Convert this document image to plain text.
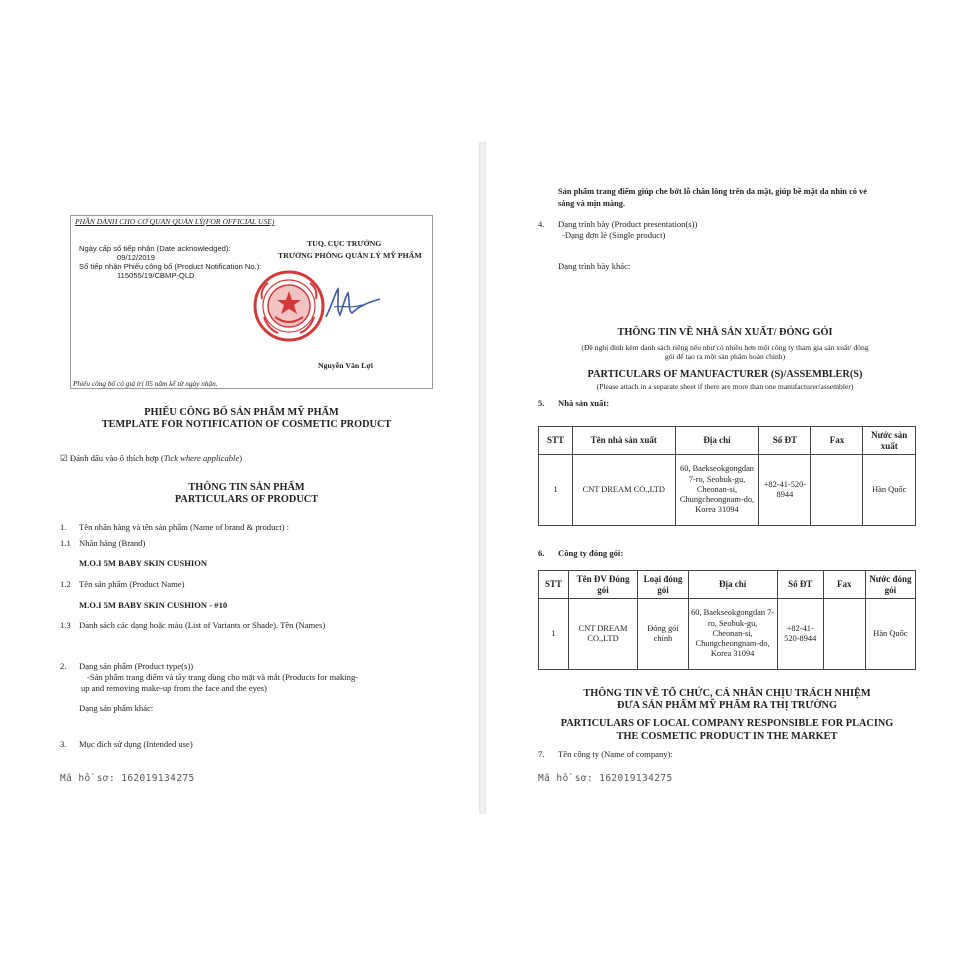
PHẦN DÀNH CHO CƠ QUAN QUẢN LÝ(FOR OFFICIAL USE)
Ngày cấp số tiếp nhận (Date acknowledged):
09/12/2019
Số tiếp nhận Phiếu công bố (Product Notification No.):
115055/19/CBMP-QLD
TUQ. CỤC TRƯỞNG
TRƯỞNG PHÒNG QUẢN LÝ MỸ PHẨM
Nguyễn Văn Lợi
Phiếu công bố có giá trị 05 năm kể từ ngày nhận.
PHIẾU CÔNG BỐ SẢN PHẨM MỸ PHẨM
TEMPLATE FOR NOTIFICATION OF COSMETIC PRODUCT
☑ Đánh dấu vào ô thích hợp (Tick where applicable)
THÔNG TIN SẢN PHẨM
PARTICULARS OF PRODUCT
1. Tên nhãn hàng và tên sản phẩm (Name of brand & product) :
1.1 Nhãn hàng (Brand)
M.O.I 5M BABY SKIN CUSHION
1.2 Tên sản phẩm (Product Name)
M.O.I 5M BABY SKIN CUSHION - #10
1.3 Danh sách các dạng hoặc màu (List of Variants or Shade). Tên (Names)
2. Dạng sản phẩm (Product type(s))
-Sản phẩm trang điểm và tẩy trang dùng cho mặt và mắt (Products for making-
up and removing make-up from the face and the eyes)
Dạng sản phẩm khác:
3. Mục đích sử dụng (Intended use)
Mã hồ sơ: 162019134275
Sản phẩm trang điểm giúp che bớt lỗ chân lông trên da mặt, giúp bề mặt da nhìn có vẻ
sáng và mịn màng.
4. Dạng trình bày (Product presentation(s))
-Dạng đơn lẻ (Single product)
Dạng trình bày khác:
THÔNG TIN VỀ NHÀ SẢN XUẤT/ ĐÓNG GÓI
(Đề nghị đính kèm danh sách riêng nếu như có nhiều hơn một công ty tham gia sản xuất/ đóng
gói để tạo ra một sản phẩm hoàn chỉnh)
PARTICULARS OF MANUFACTURER (S)/ASSEMBLER(S)
(Please attach in a separate sheet if there are more than one manufacturer/assembler)
5. Nhà sản xuất:
STT	Tên nhà sản xuất	Địa chỉ	Số ĐT	Fax	Nước sản xuất
1	CNT DREAM CO.,LTD	60, Baekseokgongdan 7-ro, Seobuk-gu, Cheonan-si, Chungcheongnam-do, Korea 31094	+82-41-520-8944		Hàn Quốc
6. Công ty đóng gói:
STT	Tên ĐV Đóng gói	Loại đóng gói	Địa chỉ	Số ĐT	Fax	Nước đóng gói
1	CNT DREAM CO.,LTD	Đóng gói chính	60, Baekseokgongdan 7-ro, Seobuk-gu, Cheonan-si, Chungcheongnam-do, Korea 31094	+82-41-520-8944		Hàn Quốc
THÔNG TIN VỀ TỔ CHỨC, CÁ NHÂN CHỊU TRÁCH NHIỆM
ĐƯA SẢN PHẨM MỸ PHẨM RA THỊ TRƯỜNG
PARTICULARS OF LOCAL COMPANY RESPONSIBLE FOR PLACING
THE COSMETIC PRODUCT IN THE MARKET
7. Tên công ty (Name of company):
Mã hồ sơ: 162019134275
